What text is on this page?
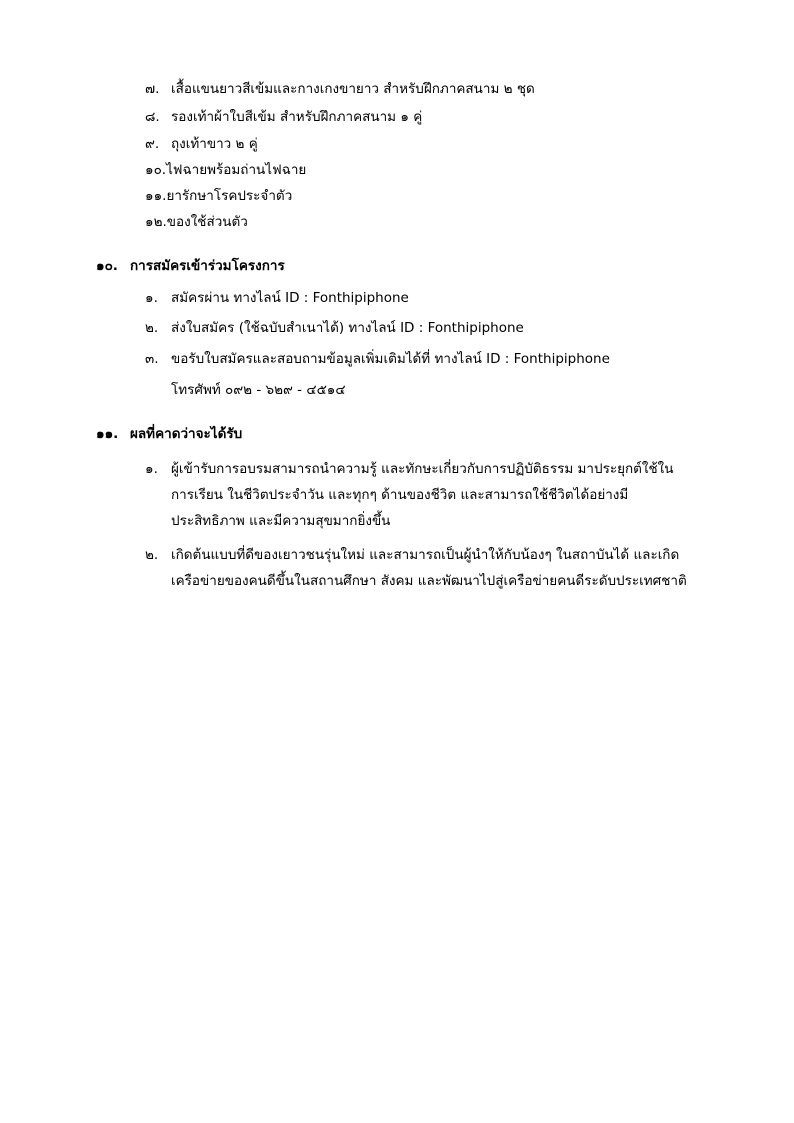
๗. เสื้อแขนยาวสีเข้มและกางเกงขายาว สำหรับฝึกภาคสนาม ๒ ชุด
๘. รองเท้าผ้าใบสีเข้ม สำหรับฝึกภาคสนาม ๑ คู่
๙. ถุงเท้าขาว ๒ คู่
๑๐.ไฟฉายพร้อมถ่านไฟฉาย
๑๑.ยารักษาโรคประจำตัว
๑๒.ของใช้ส่วนตัว
๑๐. การสมัครเข้าร่วมโครงการ
๑. สมัครผ่าน ทางไลน์ ID : Fonthipiphone
๒. ส่งใบสมัคร (ใช้ฉบับสำเนาได้) ทางไลน์ ID : Fonthipiphone
๓. ขอรับใบสมัครและสอบถามข้อมูลเพิ่มเติมได้ที่ ทางไลน์ ID : Fonthipiphone
โทรศัพท์ ๐๙๒ - ๖๒๙ - ๔๕๑๔
๑๑. ผลที่คาดว่าจะได้รับ
๑. ผู้เข้ารับการอบรมสามารถนำความรู้ และทักษะเกี่ยวกับการปฏิบัติธรรม มาประยุกต์ใช้ใน
การเรียน ในชีวิตประจำวัน และทุกๆ ด้านของชีวิต และสามารถใช้ชีวิตได้อย่างมี
ประสิทธิภาพ และมีความสุขมากยิ่งขึ้น
๒. เกิดต้นแบบที่ดีของเยาวชนรุ่นใหม่ และสามารถเป็นผู้นำให้กับน้องๆ ในสถาบันได้ และเกิด
เครือข่ายของคนดีขึ้นในสถานศึกษา สังคม และพัฒนาไปสู่เครือข่ายคนดีระดับประเทศชาติ
